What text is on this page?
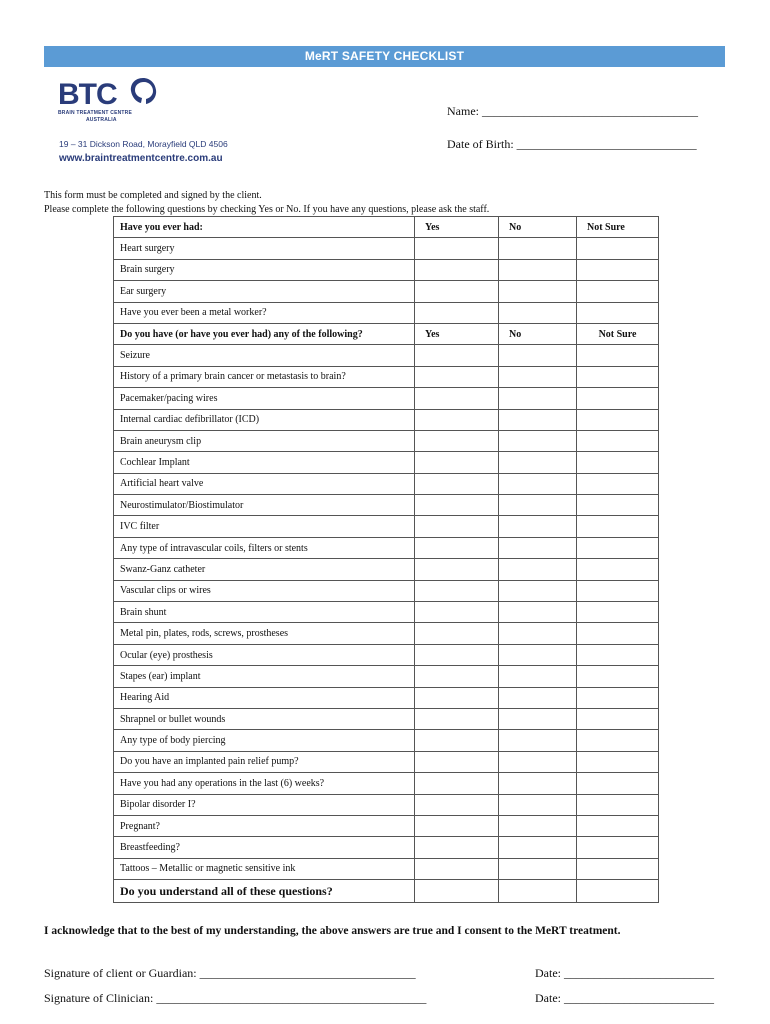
MeRT SAFETY CHECKLIST
BTC
BRAIN TREATMENT CENTRE
AUSTRALIA
19 – 31 Dickson Road, Morayfield QLD 4506
www.braintreatmentcentre.com.au
Name: ____________________________________
Date of Birth: ______________________________
This form must be completed and signed by the client.
Please complete the following questions by checking Yes or No. If you have any questions, please ask the staff.
Have you ever had:	Yes	No	Not Sure
Heart surgery			
Brain surgery			
Ear surgery			
Have you ever been a metal worker?			
Do you have (or have you ever had) any of the following?	Yes	No	Not Sure
Seizure			
History of a primary brain cancer or metastasis to brain?			
Pacemaker/pacing wires			
Internal cardiac defibrillator (ICD)			
Brain aneurysm clip			
Cochlear Implant			
Artificial heart valve			
Neurostimulator/Biostimulator			
IVC filter			
Any type of intravascular coils, filters or stents			
Swanz-Ganz catheter			
Vascular clips or wires			
Brain shunt			
Metal pin, plates, rods, screws, prostheses			
Ocular (eye) prosthesis			
Stapes (ear) implant			
Hearing Aid			
Shrapnel or bullet wounds			
Any type of body piercing			
Do you have an implanted pain relief pump?			
Have you had any operations in the last (6) weeks?			
Bipolar disorder I?			
Pregnant?			
Breastfeeding?			
Tattoos – Metallic or magnetic sensitive ink			
Do you understand all of these questions?			
I acknowledge that to the best of my understanding, the above answers are true and I consent to the MeRT treatment.
Signature of client or Guardian: ____________________________________	Date: _________________________
Signature of Clinician: _____________________________________________	Date: _________________________
